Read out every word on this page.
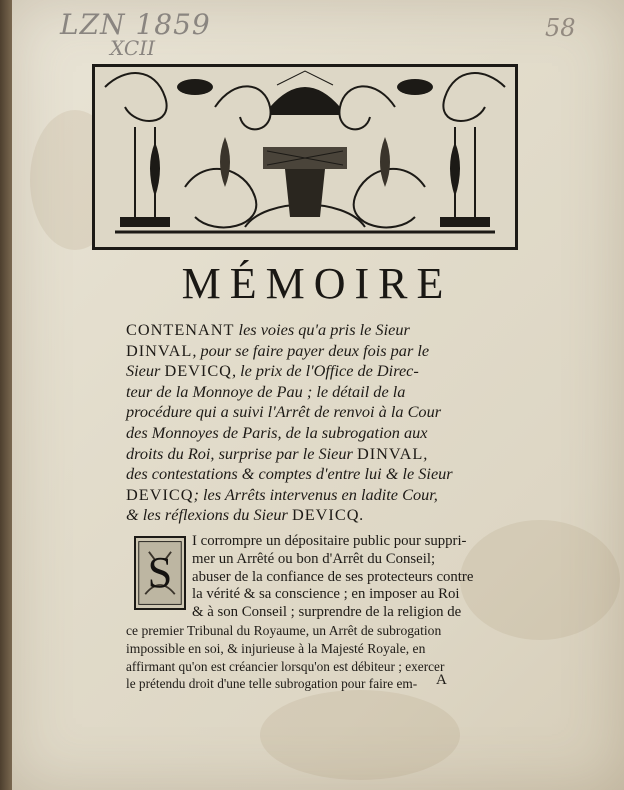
LZN 1859
XCII
58
MÉMOIRE
CONTENANT les voies qu'a pris le Sieur
DINVAL, pour se faire payer deux fois par le
Sieur DEVICQ, le prix de l'Office de Direc-
teur de la Monnoye de Pau ; le détail de la
procédure qui a suivi l'Arrêt de renvoi à la Cour
des Monnoyes de Paris, de la subrogation aux
droits du Roi, surprise par le Sieur DINVAL,
des contestations & comptes d'entre lui & le Sieur
DEVICQ; les Arrêts intervenus en ladite Cour,
& les réflexions du Sieur DEVICQ.
S
I corrompre un dépositaire public pour suppri-
mer un Arrêté ou bon d'Arrêt du Conseil;
abuser de la confiance de ses protecteurs contre
la vérité & sa conscience ; en imposer au Roi
& à son Conseil ; surprendre de la religion de
ce premier Tribunal du Royaume, un Arrêt de subrogation
impossible en soi, & injurieuse à la Majesté Royale, en
affirmant qu'on est créancier lorsqu'on est débiteur ; exercer
le prétendu droit d'une telle subrogation pour faire em-	A
